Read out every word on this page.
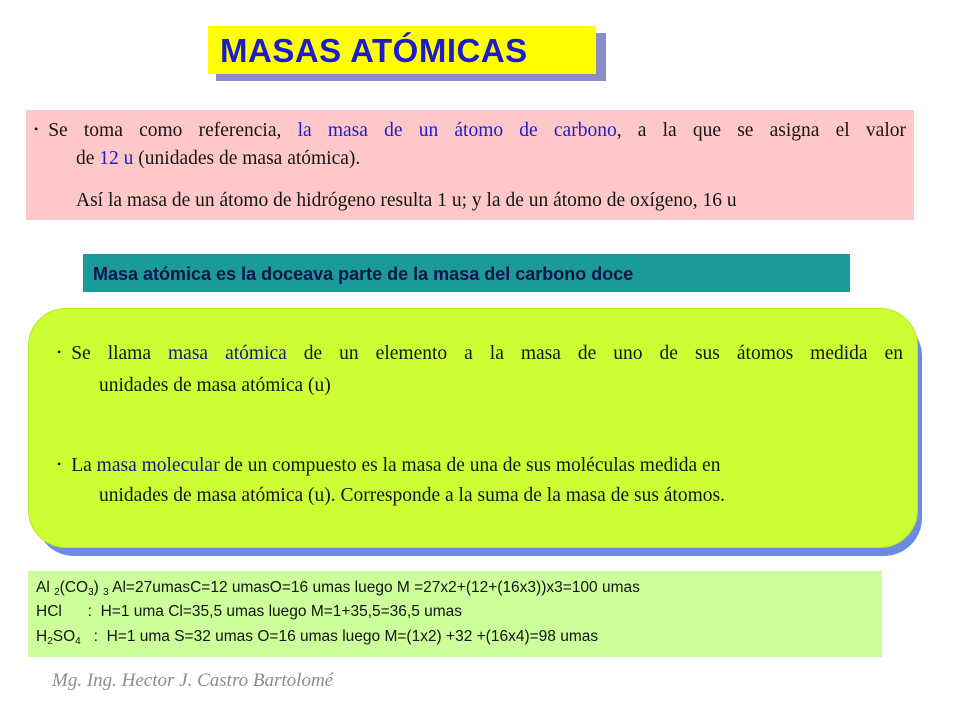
MASAS ATÓMICAS
• Se toma como referencia, la masa de un átomo de carbono, a la que se asigna el valor
de 12 u (unidades de masa atómica).
Así la masa de un átomo de hidrógeno resulta 1 u; y la de un átomo de oxígeno, 16 u
Masa atómica es la doceava parte de la masa del carbono doce
• Se llama masa atómica de un elemento a la masa de uno de sus átomos medida en
unidades de masa atómica (u)
• La masa molecular de un compuesto es la masa de una de sus moléculas medida en
unidades de masa atómica (u). Corresponde a la suma de la masa de sus átomos.
Al $_2(CO_3)$ $_3$ Al=27umasC=12 umasO=16 umas luego M =27x2+(12+(16x3))x3=100 umas
HCl      :  H=1 uma Cl=35,5 umas luego M=1+35,5=36,5 umas
$H_2SO_4$   :  H=1 uma S=32 umas O=16 umas luego M=(1x2) +32 +(16x4)=98 umas
Mg. Ing. Hector J. Castro Bartolomé
